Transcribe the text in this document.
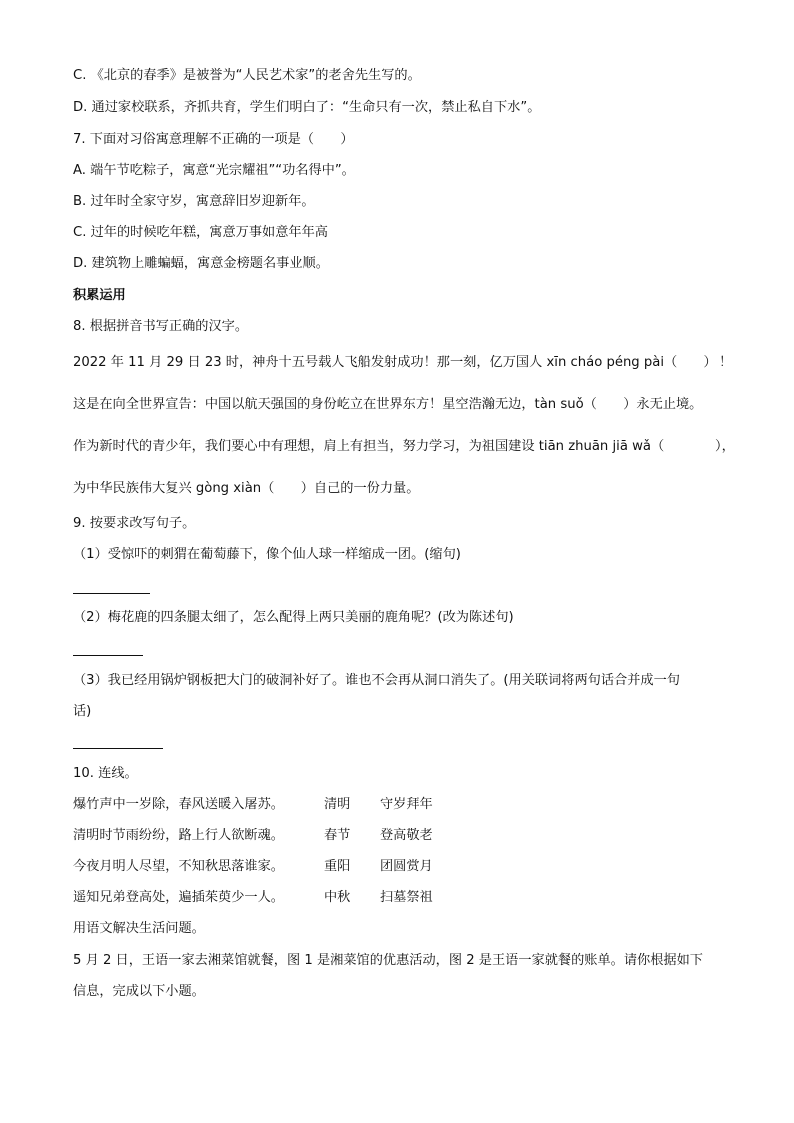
C. 《北京的春季》是被誉为“人民艺术家”的老舍先生写的。
D. 通过家校联系，齐抓共育，学生们明白了：“生命只有一次，禁止私自下水”。
7. 下面对习俗寓意理解不正确的一项是（　　）
A. 端午节吃粽子，寓意“光宗耀祖”“功名得中”。
B. 过年时全家守岁，寓意辞旧岁迎新年。
C. 过年的时候吃年糕，寓意万事如意年年高
D. 建筑物上雕蝙蝠，寓意金榜题名事业顺。
积累运用
8. 根据拼音书写正确的汉字。
2022 年 11 月 29 日 23 时，神舟十五号载人飞船发射成功！那一刻，亿万国人 xīn cháo péng pài（　　） ！
这是在向全世界宣告：中国以航天强国的身份屹立在世界东方！星空浩瀚无边，tàn suǒ（　　）永无止境。
作为新时代的青少年，我们要心中有理想，肩上有担当，努力学习，为祖国建设 tiān zhuān jiā wǎ（　　 ），
为中华民族伟大复兴 gòng xiàn（　　）自己的一份力量。
9. 按要求改写句子。
（1）受惊吓的刺猬在葡萄藤下，像个仙人球一样缩成一团。(缩句)
（2）梅花鹿的四条腿太细了，怎么配得上两只美丽的鹿角呢？(改为陈述句)
（3）我已经用锅炉钢板把大门的破洞补好了。谁也不会再从洞口消失了。(用关联词将两句话合并成一句
话)
10. 连线。
爆竹声中一岁除，春风送暖入屠苏。	清明 守岁拜年
清明时节雨纷纷，路上行人欲断魂。	春节 登高敬老
今夜月明人尽望，不知秋思落谁家。	重阳 团圆赏月
遥知兄弟登高处，遍插茱萸少一人。	中秋 扫墓祭祖
用语文解决生活问题。
5 月 2 日，王语一家去湘菜馆就餐，图 1 是湘菜馆的优惠活动，图 2 是王语一家就餐的账单。请你根据如下
信息，完成以下小题。
